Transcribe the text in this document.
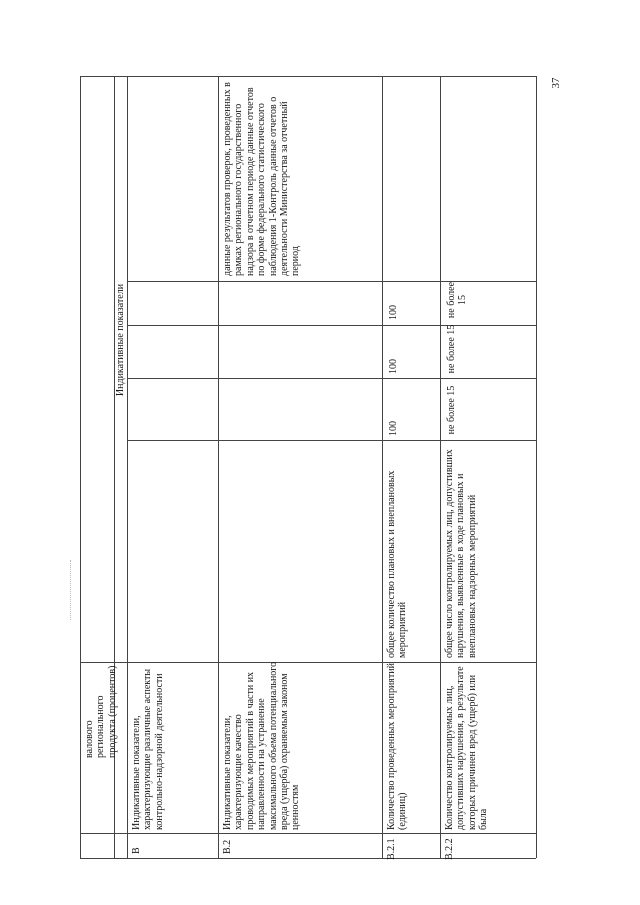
37
Индикативные показатели
валового регионального продукта (процентов)
В
Индикативные показатели, характеризующие различные аспекты контрольно-надзорной деятельности
В.2
Индикативные показатели, характеризующие качество проводимых мероприятий в части их направленности на устранение максимального объема потенциального вреда (ущерба) охраняемым законом ценностям
данные результатов проверок, проведенных в рамках регионального государственного надзора в отчетном периоде данные отчетов по форме федерального статистического наблюдения 1-Контроль данные отчетов о деятельности Министерства за отчетный период
В.2.1
Количество проведенных мероприятий (единиц)
общее количество плановых и внеплановых мероприятий
100
100
100
В.2.2
Количество контролируемых лиц, допустивших нарушения, в результате которых причинен вред (ущерб) или была
общее число контролируемых лиц, допустивших нарушения, выявленные в ходе плановых и внеплановых надзорных мероприятий
не более 15
не более 15
не более 15
